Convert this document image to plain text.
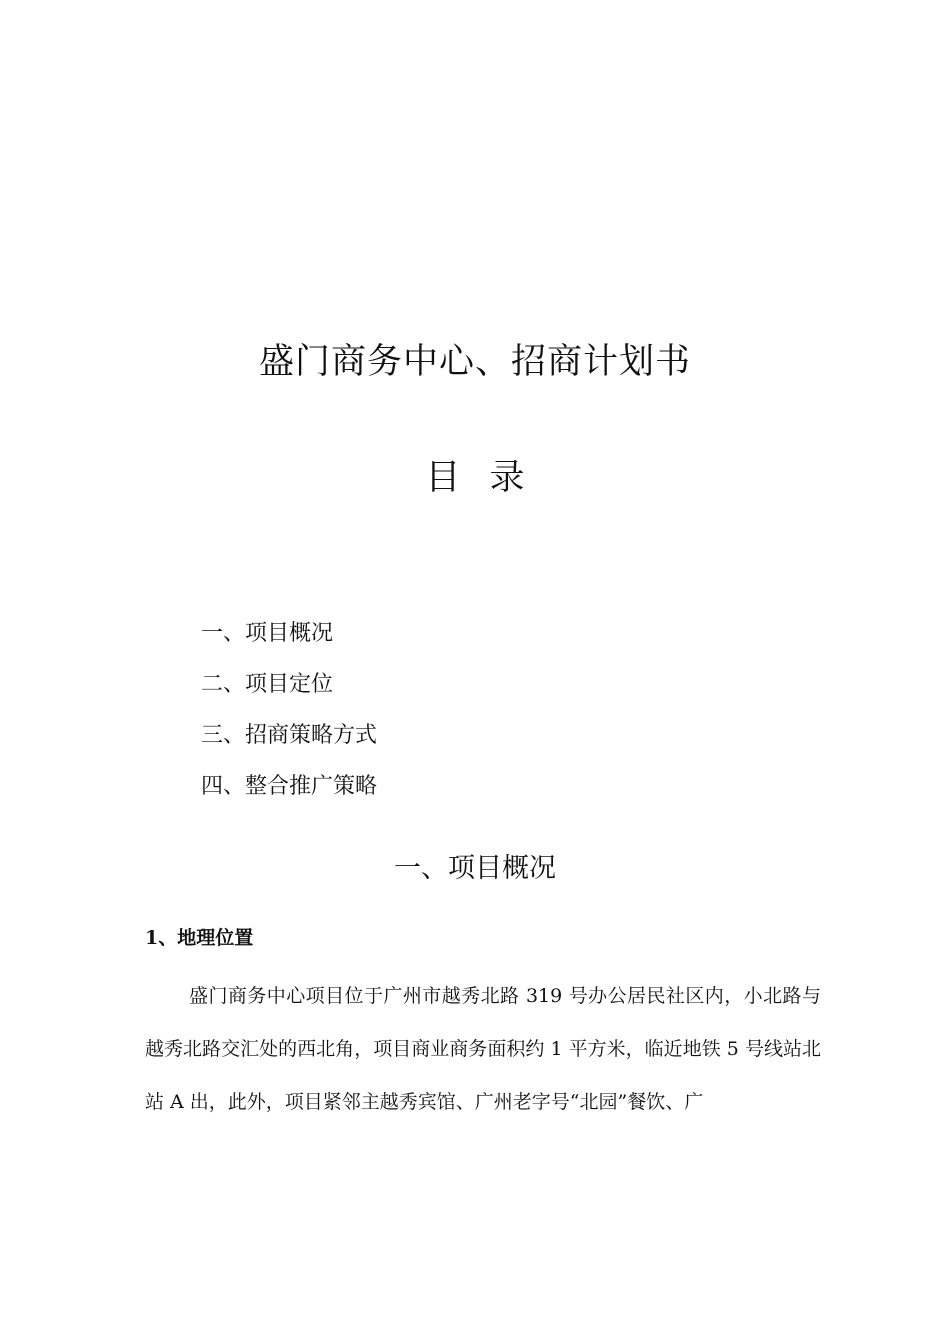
盛门商务中心、招商计划书
目 录
一、项目概况
二、项目定位
三、招商策略方式
四、整合推广策略
一、项目概况
1、地理位置

盛门商务中心项目位于广州市越秀北路 319 号办公居民社区内，小北路与越秀北路交汇处的西北角，项目商业商务面积约 1 平方米，临近地铁 5 号线站北站 A 出，此外，项目紧邻主越秀宾馆、广州老字号“北园”餐饮、广
